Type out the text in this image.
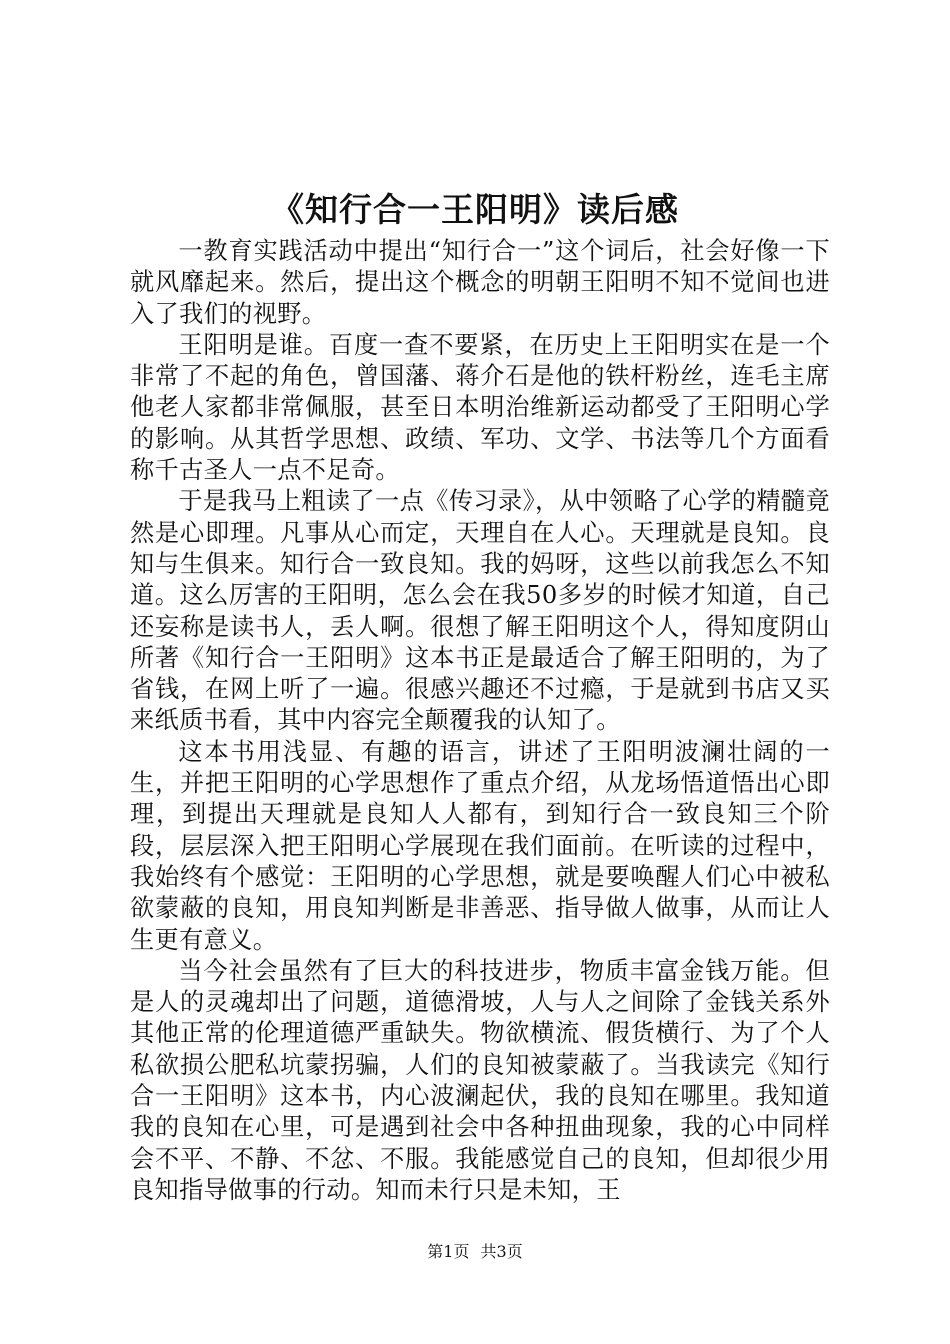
《知行合一王阳明》读后感

一教育实践活动中提出“知行合一”这个词后，社会好像一下就风靡起来。然后，提出这个概念的明朝王阳明不知不觉间也进入了我们的视野。

王阳明是谁。百度一查不要紧，在历史上王阳明实在是一个非常了不起的角色，曾国藩、蒋介石是他的铁杆粉丝，连毛主席他老人家都非常佩服，甚至日本明治维新运动都受了王阳明心学的影响。从其哲学思想、政绩、军功、文学、书法等几个方面看称千古圣人一点不足奇。

于是我马上粗读了一点《传习录》，从中领略了心学的精髓竟然是心即理。凡事从心而定，天理自在人心。天理就是良知。良知与生俱来。知行合一致良知。我的妈呀，这些以前我怎么不知道。这么厉害的王阳明，怎么会在我50多岁的时候才知道，自己还妄称是读书人，丢人啊。很想了解王阳明这个人，得知度阴山所著《知行合一王阳明》这本书正是最适合了解王阳明的，为了省钱，在网上听了一遍。很感兴趣还不过瘾，于是就到书店又买来纸质书看，其中内容完全颠覆我的认知了。

这本书用浅显、有趣的语言，讲述了王阳明波澜壮阔的一生，并把王阳明的心学思想作了重点介绍，从龙场悟道悟出心即理，到提出天理就是良知人人都有，到知行合一致良知三个阶段，层层深入把王阳明心学展现在我们面前。在听读的过程中，我始终有个感觉：王阳明的心学思想，就是要唤醒人们心中被私欲蒙蔽的良知，用良知判断是非善恶、指导做人做事，从而让人生更有意义。

当今社会虽然有了巨大的科技进步，物质丰富金钱万能。但是人的灵魂却出了问题，道德滑坡，人与人之间除了金钱关系外其他正常的伦理道德严重缺失。物欲横流、假货横行、为了个人私欲损公肥私坑蒙拐骗，人们的良知被蒙蔽了。当我读完《知行合一王阳明》这本书，内心波澜起伏，我的良知在哪里。我知道我的良知在心里，可是遇到社会中各种扭曲现象，我的心中同样会不平、不静、不忿、不服。我能感觉自己的良知，但却很少用良知指导做事的行动。知而未行只是未知，王

第1页 共3页
